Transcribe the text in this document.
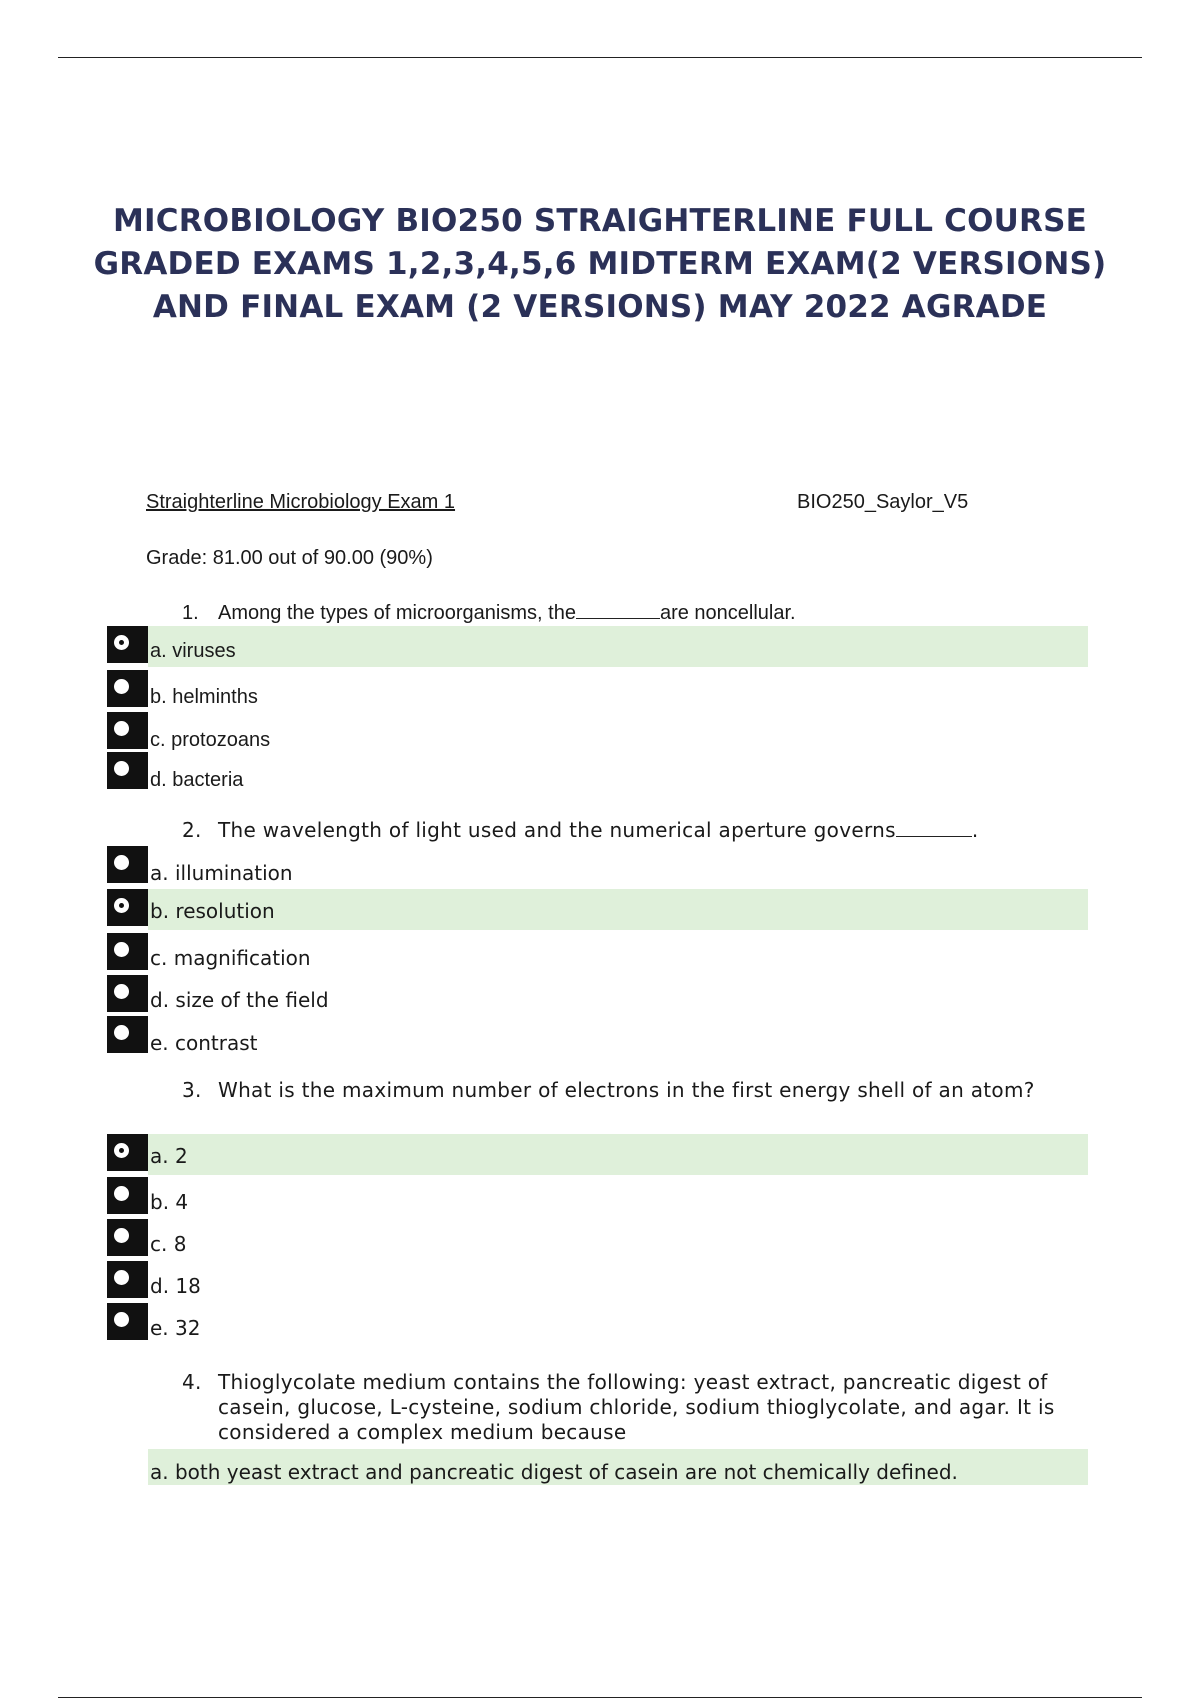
MICROBIOLOGY BIO250 STRAIGHTERLINE FULL COURSE GRADED EXAMS 1,2,3,4,5,6 MIDTERM EXAM(2 VERSIONS) AND FINAL EXAM (2 VERSIONS) MAY 2022 AGRADE
Straighterline Microbiology Exam 1	BIO250_Saylor_V5
Grade: 81.00 out of 90.00 (90%)
1. Among the types of microorganisms, the	are noncellular.
a. viruses
b. helminths
c. protozoans
d. bacteria
2. The wavelength of light used and the numerical aperture governs	.
a. illumination
b. resolution
c. magnification
d. size of the field
e. contrast
3. What is the maximum number of electrons in the first energy shell of an atom?
a. 2
b. 4
c. 8
d. 18
e. 32
4. Thioglycolate medium contains the following: yeast extract, pancreatic digest of casein, glucose, L-cysteine, sodium chloride, sodium thioglycolate, and agar. It is considered a complex medium because
a. both yeast extract and pancreatic digest of casein are not chemically defined.
